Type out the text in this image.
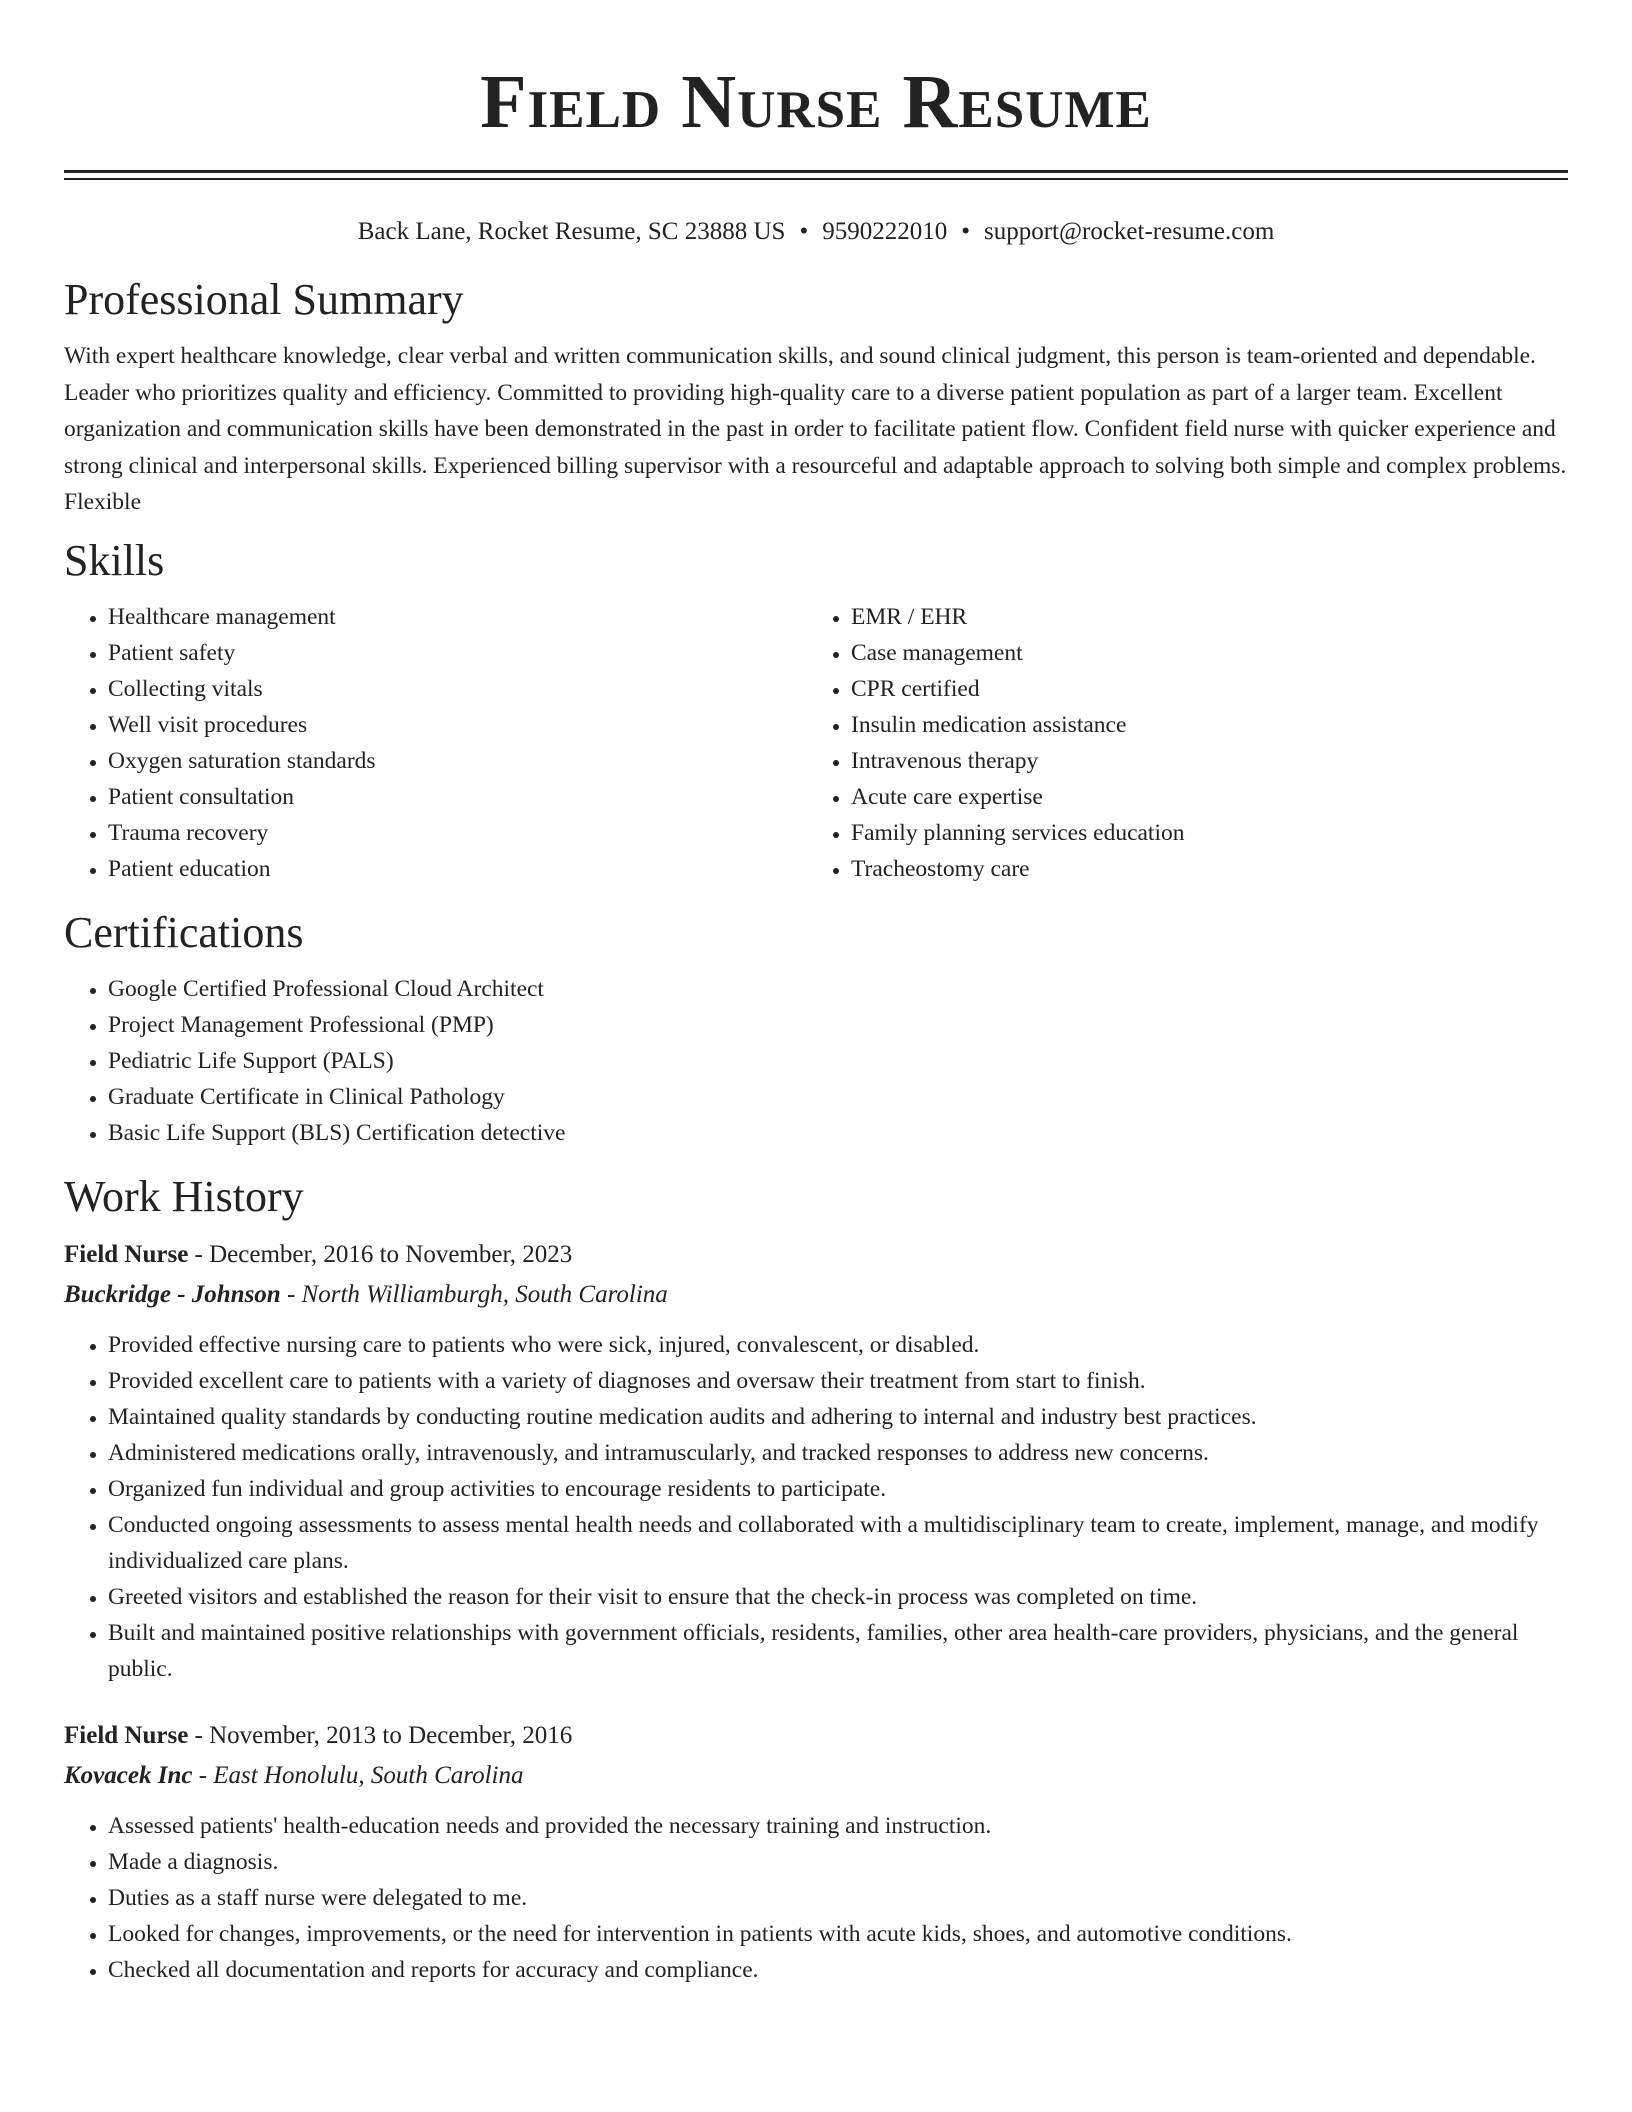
Field Nurse Resume
Back Lane, Rocket Resume, SC 23888 US • 9590222010 • support@rocket-resume.com
Professional Summary

With expert healthcare knowledge, clear verbal and written communication skills, and sound clinical judgment, this person is team-oriented and dependable. Leader who prioritizes quality and efficiency. Committed to providing high-quality care to a diverse patient population as part of a larger team. Excellent organization and communication skills have been demonstrated in the past in order to facilitate patient flow. Confident field nurse with quicker experience and strong clinical and interpersonal skills. Experienced billing supervisor with a resourceful and adaptable approach to solving both simple and complex problems. Flexible

Skills
• Healthcare management
• Patient safety
• Collecting vitals
• Well visit procedures
• Oxygen saturation standards
• Patient consultation
• Trauma recovery
• Patient education
• EMR / EHR
• Case management
• CPR certified
• Insulin medication assistance
• Intravenous therapy
• Acute care expertise
• Family planning services education
• Tracheostomy care
Certifications
• Google Certified Professional Cloud Architect
• Project Management Professional (PMP)
• Pediatric Life Support (PALS)
• Graduate Certificate in Clinical Pathology
• Basic Life Support (BLS) Certification detective
Work History

Field Nurse - December, 2016 to November, 2023

Buckridge - Johnson - North Williamburgh, South Carolina

• Provided effective nursing care to patients who were sick, injured, convalescent, or disabled.
• Provided excellent care to patients with a variety of diagnoses and oversaw their treatment from start to finish.
• Maintained quality standards by conducting routine medication audits and adhering to internal and industry best practices.
• Administered medications orally, intravenously, and intramuscularly, and tracked responses to address new concerns.
• Organized fun individual and group activities to encourage residents to participate.
• Conducted ongoing assessments to assess mental health needs and collaborated with a multidisciplinary team to create, implement, manage, and modify individualized care plans.
• Greeted visitors and established the reason for their visit to ensure that the check-in process was completed on time.
• Built and maintained positive relationships with government officials, residents, families, other area health-care providers, physicians, and the general public.

Field Nurse - November, 2013 to December, 2016

Kovacek Inc - East Honolulu, South Carolina

• Assessed patients' health-education needs and provided the necessary training and instruction.
• Made a diagnosis.
• Duties as a staff nurse were delegated to me.
• Looked for changes, improvements, or the need for intervention in patients with acute kids, shoes, and automotive conditions.
• Checked all documentation and reports for accuracy and compliance.
